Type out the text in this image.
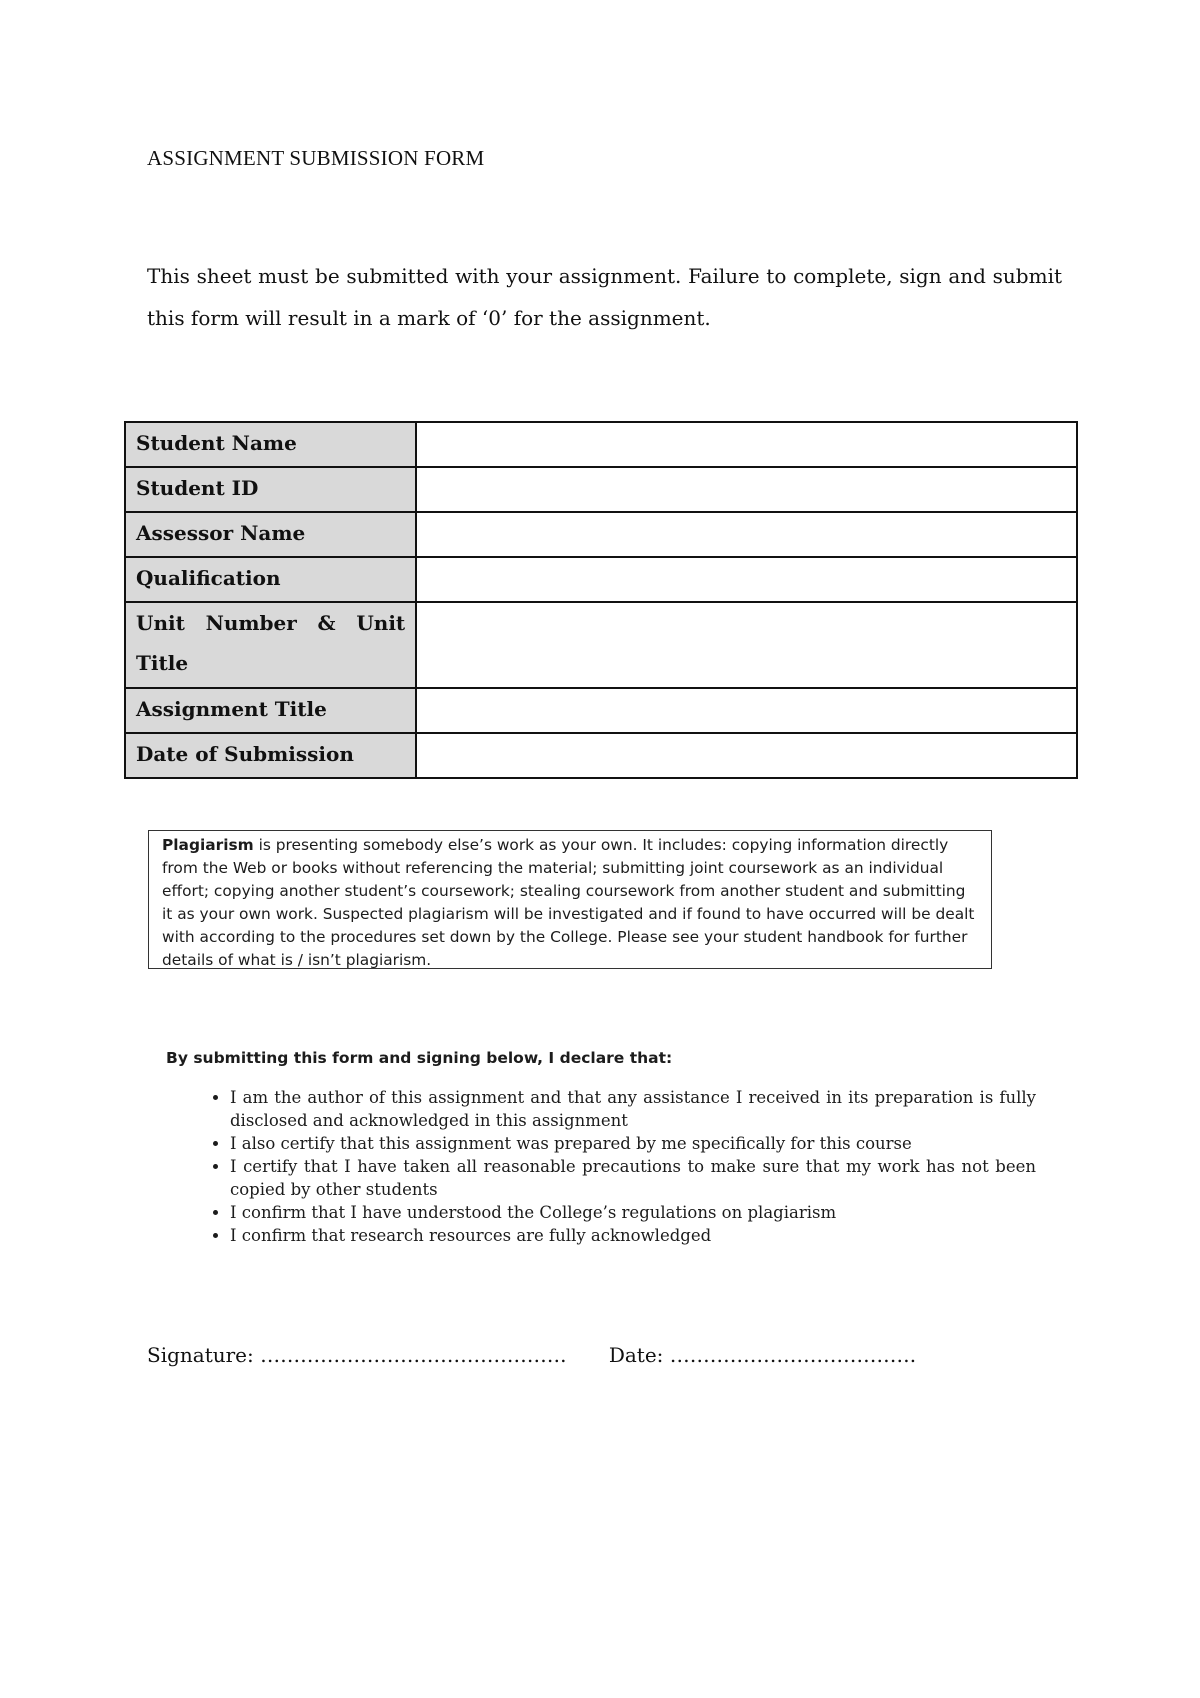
ASSIGNMENT SUBMISSION FORM

This sheet must be submitted with your assignment. Failure to complete, sign and submit this form will result in a mark of ‘0’ for the assignment.

Student Name	
Student ID	
Assessor Name	
Qualification	
Unit Number & Unit Title	
Assignment Title	
Date of Submission	
Plagiarism is presenting somebody else’s work as your own. It includes: copying information directly from the Web or books without referencing the material; submitting joint coursework as an individual effort; copying another student’s coursework; stealing coursework from another student and submitting it as your own work. Suspected plagiarism will be investigated and if found to have occurred will be dealt with according to the procedures set down by the College. Please see your student handbook for further details of what is / isn’t plagiarism.
By submitting this form and signing below, I declare that:
• I am the author of this assignment and that any assistance I received in its preparation is fully disclosed and acknowledged in this assignment
• I also certify that this assignment was prepared by me specifically for this course
• I certify that I have taken all reasonable precautions to make sure that my work has not been copied by other students
• I confirm that I have understood the College’s regulations on plagiarism
• I confirm that research resources are fully acknowledged
Signature: ………………………………………. Date: ……………………………….
